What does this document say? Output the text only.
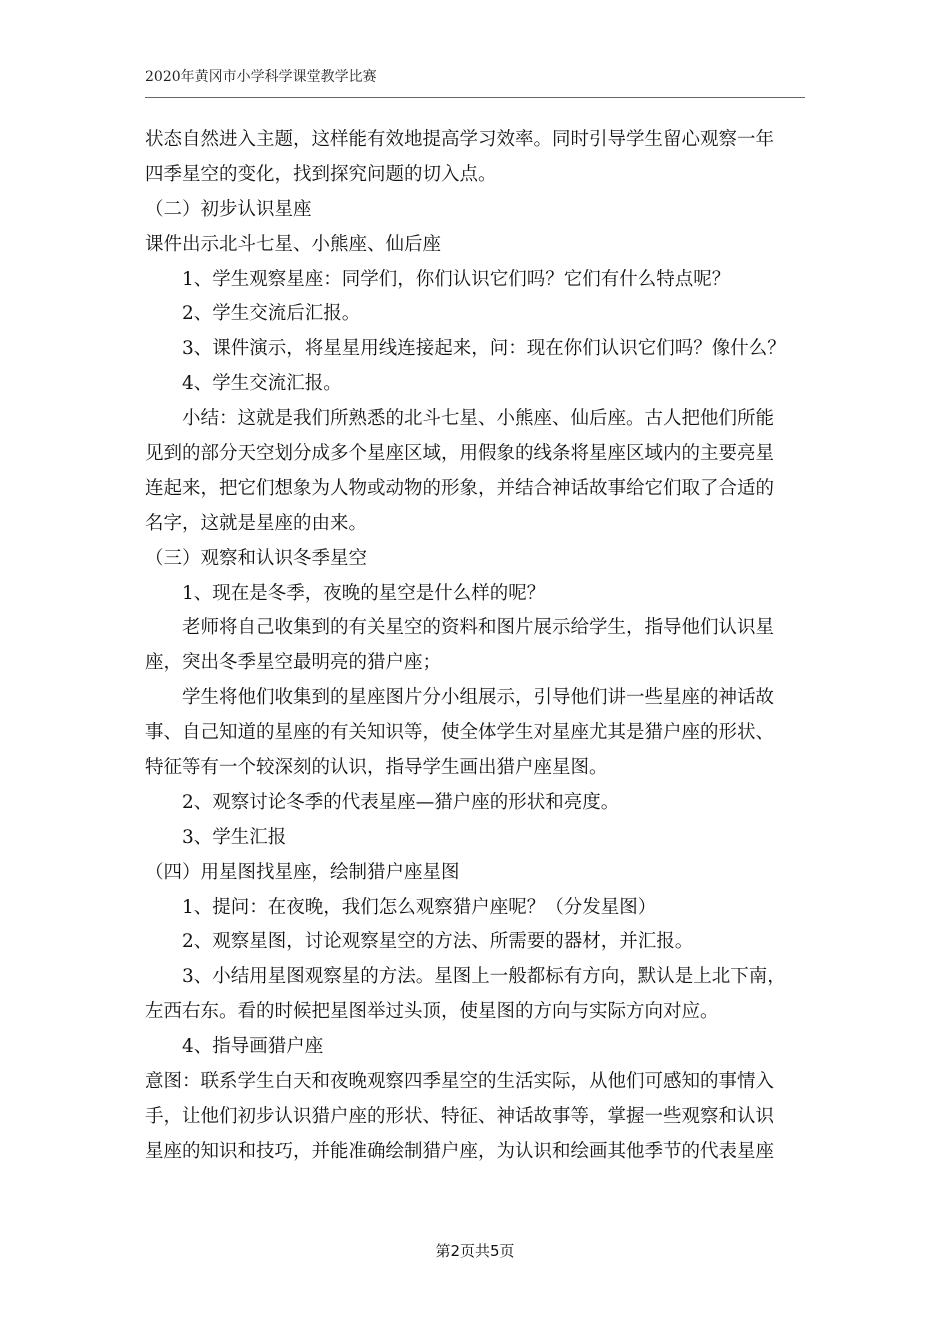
2020年黄冈市小学科学课堂教学比赛
状态自然进入主题，这样能有效地提高学习效率。同时引导学生留心观察一年
四季星空的变化，找到探究问题的切入点。
（二）初步认识星座
课件出示北斗七星、小熊座、仙后座
1、学生观察星座：同学们，你们认识它们吗？它们有什么特点呢？
2、学生交流后汇报。
3、课件演示，将星星用线连接起来，问：现在你们认识它们吗？像什么？
4、学生交流汇报。
小结：这就是我们所熟悉的北斗七星、小熊座、仙后座。古人把他们所能
见到的部分天空划分成多个星座区域，用假象的线条将星座区域内的主要亮星
连起来，把它们想象为人物或动物的形象，并结合神话故事给它们取了合适的
名字，这就是星座的由来。
（三）观察和认识冬季星空
1、现在是冬季，夜晚的星空是什么样的呢？
老师将自己收集到的有关星空的资料和图片展示给学生，指导他们认识星
座，突出冬季星空最明亮的猎户座；
学生将他们收集到的星座图片分小组展示，引导他们讲一些星座的神话故
事、自己知道的星座的有关知识等，使全体学生对星座尤其是猎户座的形状、
特征等有一个较深刻的认识，指导学生画出猎户座星图。
2、观察讨论冬季的代表星座—猎户座的形状和亮度。
3、学生汇报
（四）用星图找星座，绘制猎户座星图
1、提问：在夜晚，我们怎么观察猎户座呢？（分发星图）
2、观察星图，讨论观察星空的方法、所需要的器材，并汇报。
3、小结用星图观察星的方法。星图上一般都标有方向，默认是上北下南，
左西右东。看的时候把星图举过头顶，使星图的方向与实际方向对应。
4、指导画猎户座
意图：联系学生白天和夜晚观察四季星空的生活实际，从他们可感知的事情入
手，让他们初步认识猎户座的形状、特征、神话故事等，掌握一些观察和认识
星座的知识和技巧，并能准确绘制猎户座，为认识和绘画其他季节的代表星座
第2页共5页
